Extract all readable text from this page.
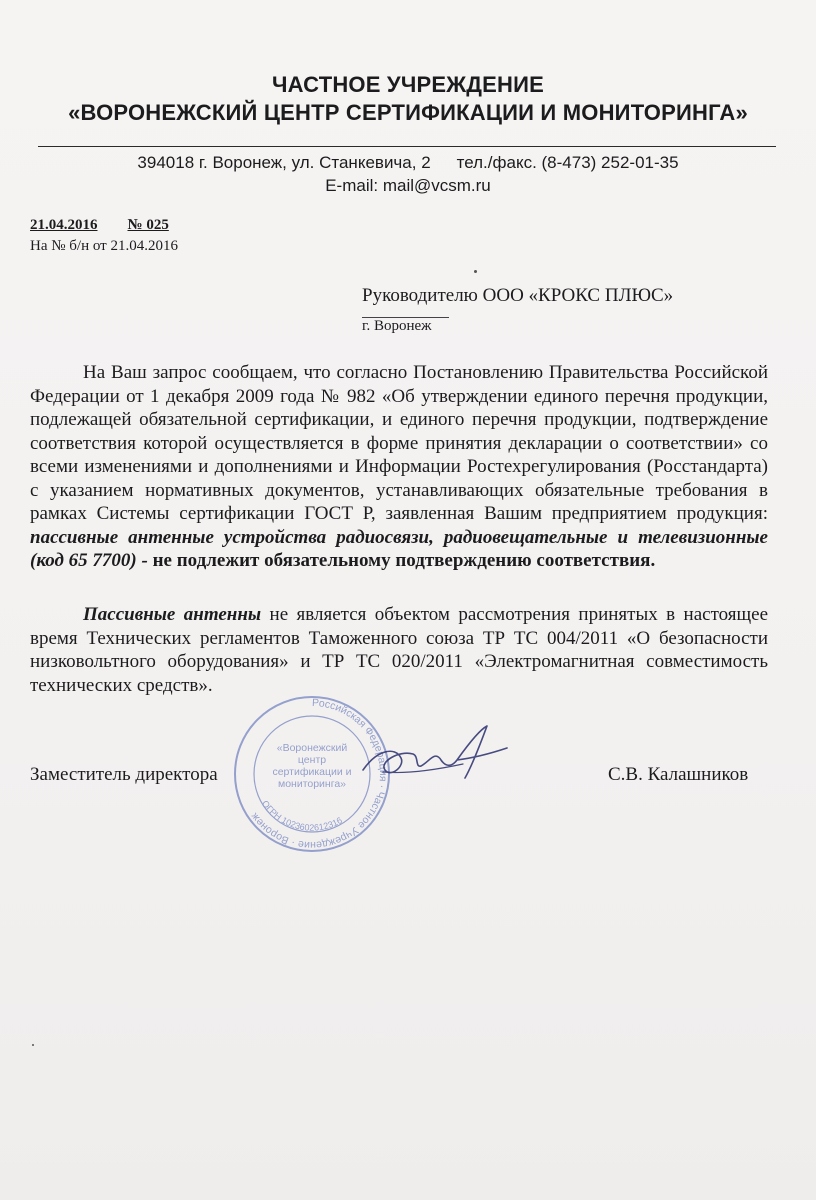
ЧАСТНОЕ УЧРЕЖДЕНИЕ
«ВОРОНЕЖСКИЙ ЦЕНТР СЕРТИФИКАЦИИ И МОНИТОРИНГА»
394018 г. Воронеж, ул. Станкевича, 2 тел./факс. (8-473) 252-01-35
E-mail: mail@vcsm.ru
21.04.2016 № 025
На № б/н от 21.04.2016
Руководителю ООО «КРОКС ПЛЮС»
г. Воронеж
На Ваш запрос сообщаем, что согласно Постановлению Правительства Российской Федерации от 1 декабря 2009 года № 982 «Об утверждении единого перечня продукции, подлежащей обязательной сертификации, и единого перечня продукции, подтверждение соответствия которой осуществляется в форме принятия декларации о соответствии» со всеми изменениями и дополнениями и Информации Ростехрегулирования (Росстандарта) с указанием нормативных документов, устанавливающих обязательные требования в рамках Системы сертификации ГОСТ Р, заявленная Вашим предприятием продукция: пассивные антенные устройства радиосвязи, радиовещательные и телевизионные (код 65 7700) - не подлежит обязательному подтверждению соответствия.
Пассивные антенны не является объектом рассмотрения принятых в настоящее время Технических регламентов Таможенного союза ТР ТС 004/2011 «О безопасности низковольтного оборудования» и ТР ТС 020/2011 «Электромагнитная совместимость технических средств».
Российская Федерация · Частное Учреждение · Воронеж
ОГРН 1023602612316
«Воронежский центр сертификации и мониторинга»
Заместитель директора	С.В. Калашников
